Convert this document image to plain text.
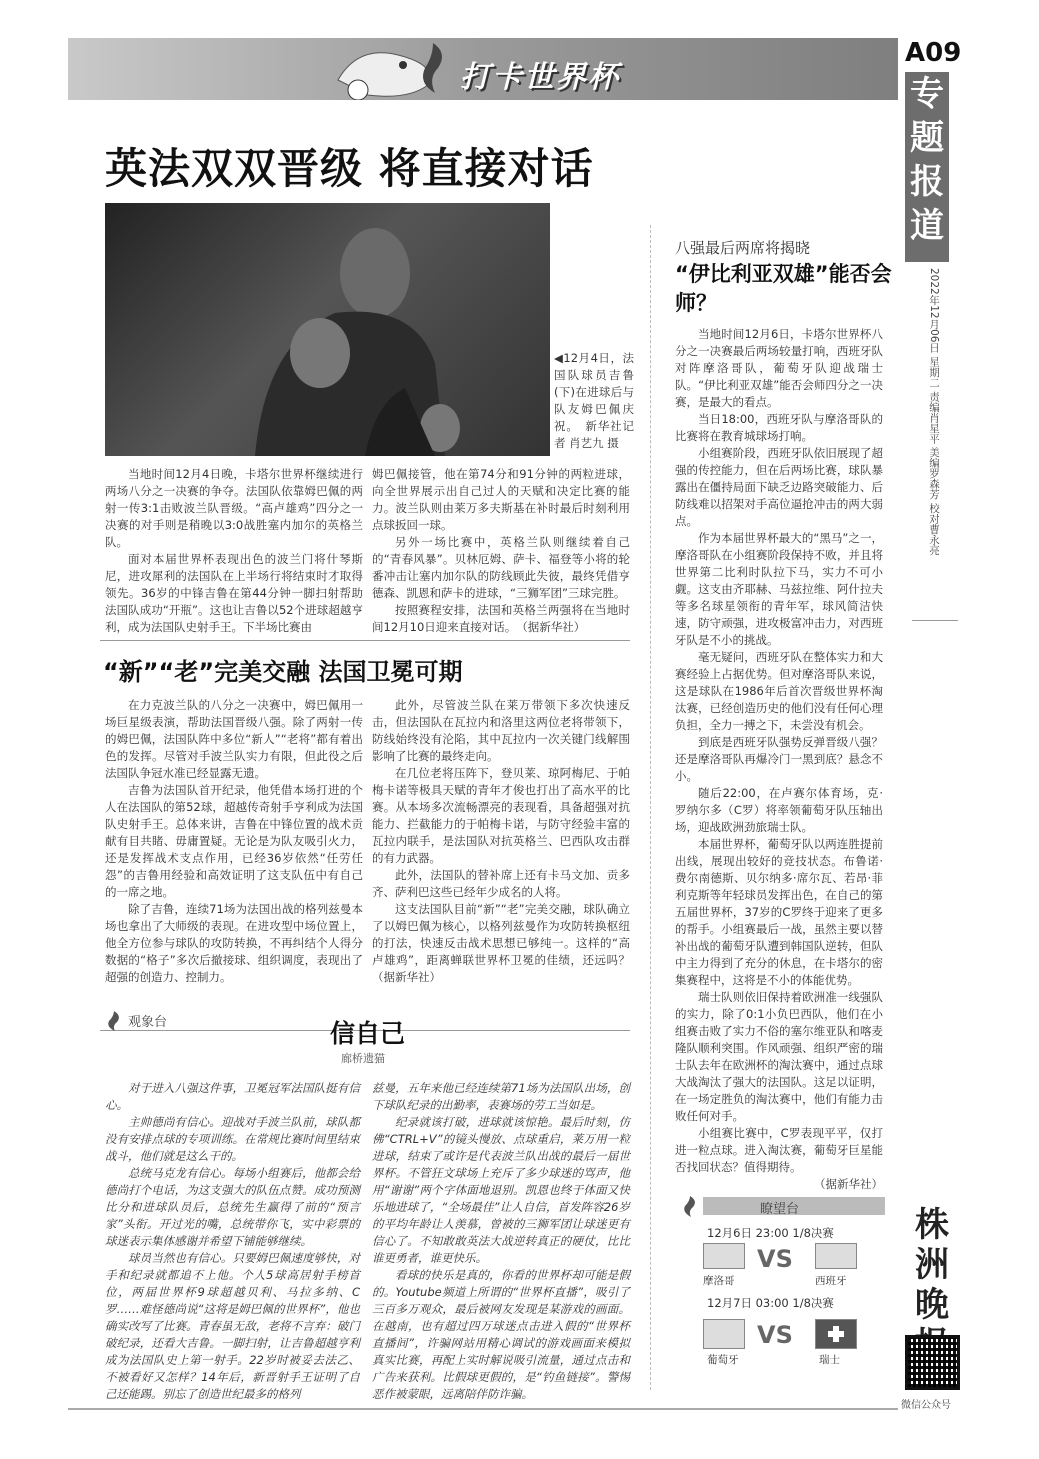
打卡世界杯
A09
专题报道
2022年12月06日 星期二 责编肖星平 美编罗森芳 校对曹永亮
英法双双晋级 将直接对话
◀12月4日，法国队球员吉鲁(下)在进球后与队友姆巴佩庆祝。　新华社记者 肖艺九 摄

当地时间12月4日晚，卡塔尔世界杯继续进行两场八分之一决赛的争夺。法国队依靠姆巴佩的两射一传3:1击败波兰队晋级。“高卢雄鸡”四分之一决赛的对手则是稍晚以3:0战胜塞内加尔的英格兰队。

面对本届世界杯表现出色的波兰门将什琴斯尼，进攻犀利的法国队在上半场行将结束时才取得领先。36岁的中锋吉鲁在第44分钟一脚扫射帮助法国队成功“开瓶”。这也让吉鲁以52个进球超越亨利，成为法国队史射手王。下半场比赛由

姆巴佩接管，他在第74分和91分钟的两粒进球，向全世界展示出自己过人的天赋和决定比赛的能力。波兰队则由莱万多夫斯基在补时最后时刻利用点球扳回一球。

另外一场比赛中，英格兰队则继续着自己的“青春风暴”。贝林厄姆、萨卡、福登等小将的轮番冲击让塞内加尔队的防线顾此失彼，最终凭借亨德森、凯恩和萨卡的进球，“三狮军团”三球完胜。

按照赛程安排，法国和英格兰两强将在当地时间12月10日迎来直接对话。　（据新华社）

“新”“老”完美交融 法国卫冕可期

在力克波兰队的八分之一决赛中，姆巴佩用一场巨星级表演，帮助法国晋级八强。除了两射一传的姆巴佩，法国队阵中多位“新人”“老将”都有着出色的发挥。尽管对手波兰队实力有限，但此役之后法国队争冠水准已经显露无遗。

吉鲁为法国队首开纪录，他凭借本场打进的个人在法国队的第52球，超越传奇射手亨利成为法国队史射手王。总体来讲，吉鲁在中锋位置的战术贡献有目共睹、毋庸置疑。无论是为队友吸引火力，还是发挥战术支点作用，已经36岁依然“任劳任怨”的吉鲁用经验和高效证明了这支队伍中有自己的一席之地。

除了吉鲁，连续71场为法国出战的格列兹曼本场也拿出了大师级的表现。在进攻型中场位置上，他全方位参与球队的攻防转换，不再纠结个人得分数据的“格子”多次后撤接球、组织调度，表现出了超强的创造力、控制力。

此外，尽管波兰队在莱万带领下多次快速反击，但法国队在瓦拉内和洛里这两位老将带领下，防线始终没有沦陷，其中瓦拉内一次关键门线解围影响了比赛的最终走向。

在几位老将压阵下，登贝莱、琼阿梅尼、于帕梅卡诺等极具天赋的青年才俊也打出了高水平的比赛。从本场多次流畅漂亮的表现看，具备超强对抗能力、拦截能力的于帕梅卡诺，与防守经验丰富的瓦拉内联手，是法国队对抗英格兰、巴西队攻击群的有力武器。

此外，法国队的替补席上还有卡马文加、贡多齐、萨利巴这些已经年少成名的人将。

这支法国队目前“新”“老”完美交融，球队确立了以姆巴佩为核心，以格列兹曼作为攻防转换枢纽的打法，快速反击战术思想已够纯一。这样的“高卢雄鸡”，距离蝉联世界杯卫冕的佳绩，还远吗？　　（据新华社）

观象台	信自己
廊桥遗猫

对于进入八强这件事，卫冕冠军法国队挺有信心。

主帅德尚有信心。迎战对手波兰队前，球队都没有安排点球的专项训练。在常规比赛时间里结束战斗，他们就是这么干的。

总统马克龙有信心。每场小组赛后，他都会给德尚打个电话，为这支强大的队伍点赞。成功预测比分和进球队员后，总统先生赢得了前的“预言家”头衔。开过光的嘴，总统带你飞，实中彩票的球迷表示集体感谢并希望下铺能够继续。

球员当然也有信心。只要姆巴佩速度够快，对手和纪录就都追不上他。个人5球高居射手榜首位，两届世界杯9球超越贝利、马拉多纳、C罗……难怪德尚说“这将是姆巴佩的世界杯”，他也确实改写了比赛。青春虽无敌，老将不言弃：破门破纪录，还看大吉鲁。一脚扫射，让吉鲁超越亨利成为法国队史上第一射手。22岁时被妥去法乙、不被看好又怎样？14年后，新晋射手王证明了自己还能踢。别忘了创造世纪最多的格列

兹曼，五年来他已经连续第71场为法国队出场，创下球队纪录的出勤率，表赛场的劳工当如是。

纪录就该打破，进球就该惊艳。最后时刻，仿佛“CTRL+V”的镜头慢放、点球重启，莱万用一粒进球，结束了或许是代表波兰队出战的最后一届世界杯。不管狂文球场上充斥了多少球迷的骂声，他用“谢谢”两个字体面地退别。凯恩也终于体面又快乐地进球了，“全场最佳”让人自信，首发阵容26岁的平均年龄让人羡慕，曾被的三狮军团让球迷更有信心了。不知敢敢英法大战逆转真正的硬仗，比比谁更勇者，谁更快乐。

看球的快乐是真的，你看的世界杯却可能是假的。Youtube频道上所谓的“世界杯直播”，吸引了三百多万观众，最后被网友发现是某游戏的画面。在越南，也有超过四万球迷点击进入假的“世界杯直播间”，许骗网站用精心调试的游戏画面来模拟真实比赛，再配上实时解说吸引流量，通过点击和广告来获利。比假球更假的，是“钓鱼链接”。警惕恶作被蒙眼，远离陪伴防诈骗。

八强最后两席将揭晓
“伊比利亚双雄”能否会师？

当地时间12月6日，卡塔尔世界杯八分之一决赛最后两场较量打响，西班牙队对阵摩洛哥队，葡萄牙队迎战瑞士队。“伊比利亚双雄”能否会师四分之一决赛，是最大的看点。

当日18:00，西班牙队与摩洛哥队的比赛将在教育城球场打响。

小组赛阶段，西班牙队依旧展现了超强的传控能力，但在后两场比赛，球队暴露出在僵持局面下缺乏边路突破能力、后防线难以招架对手高位逼抢冲击的两大弱点。

作为本届世界杯最大的“黑马”之一，摩洛哥队在小组赛阶段保持不败，并且将世界第二比利时队拉下马，实力不可小觑。这支由齐耶赫、马兹拉维、阿什拉夫等多名球星领衔的青年军，球风简洁快速，防守顽强，进攻极富冲击力，对西班牙队是不小的挑战。

毫无疑问，西班牙队在整体实力和大赛经验上占据优势。但对摩洛哥队来说，这是球队在1986年后首次晋级世界杯淘汰赛，已经创造历史的他们没有任何心理负担，全力一搏之下，未尝没有机会。

到底是西班牙队强势反弹晋级八强？还是摩洛哥队再爆冷门一黑到底？悬念不小。

随后22:00，在卢赛尔体育场，克·罗纳尔多（C罗）将率领葡萄牙队压轴出场，迎战欧洲劲旅瑞士队。

本届世界杯，葡萄牙队以两连胜提前出线，展现出较好的竞技状态。布鲁诺·费尔南德斯、贝尔纳多·席尔瓦、若昂·菲利克斯等年轻球员发挥出色，在自己的第五届世界杯，37岁的C罗终于迎来了更多的帮手。小组赛最后一战，虽然主要以替补出战的葡萄牙队遭到韩国队逆转，但队中主力得到了充分的休息，在卡塔尔的密集赛程中，这将是不小的体能优势。

瑞士队则依旧保持着欧洲准一线强队的实力，除了0:1小负巴西队，他们在小组赛击败了实力不俗的塞尔维亚队和喀麦隆队顺利突围。作风顽强、组织严密的瑞士队去年在欧洲杯的淘汰赛中，通过点球大战淘汰了强大的法国队。这足以证明，在一场定胜负的淘汰赛中，他们有能力击败任何对手。

小组赛比赛中，C罗表现平平，仅打进一粒点球。进入淘汰赛，葡萄牙巨星能否找回状态？值得期待。

（据新华社）

瞭望台
12月6日 23:00 1/8决赛
VS
摩洛哥	西班牙
12月7日 03:00 1/8决赛
VS
葡萄牙	瑞士
株洲晚
微信公众号
